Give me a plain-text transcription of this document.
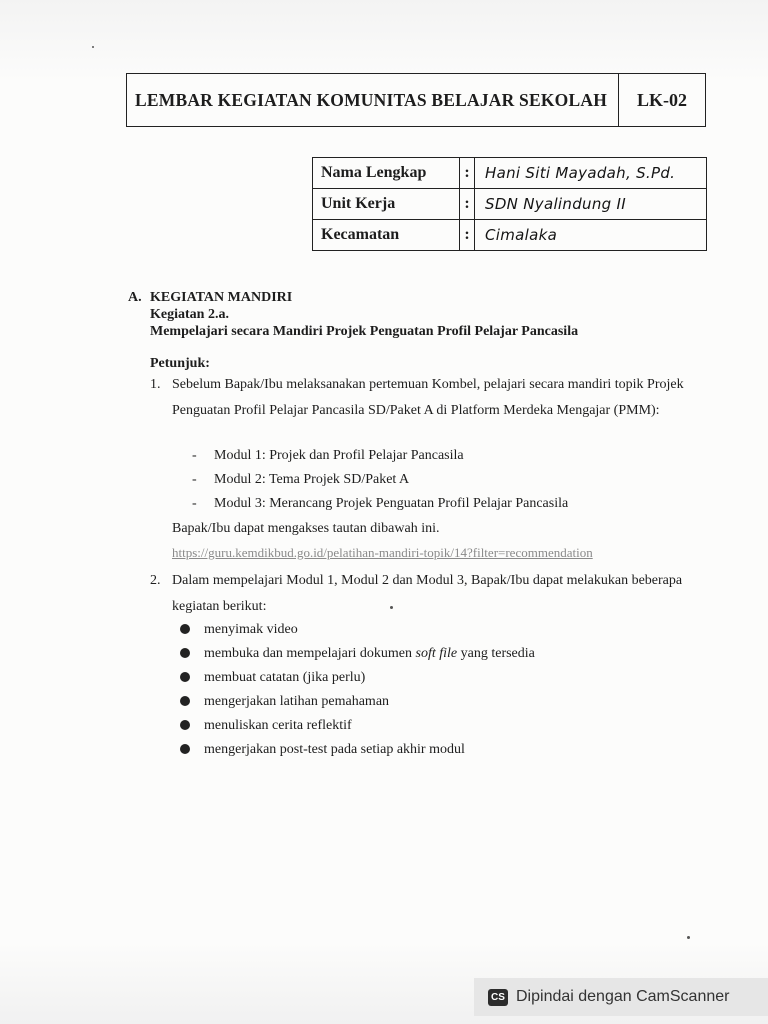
LEMBAR KEGIATAN KOMUNITAS BELAJAR SEKOLAH	LK-02
Nama Lengkap	:	Hani Siti Mayadah, S.Pd.
Unit Kerja	:	SDN Nyalindung II
Kecamatan	:	Cimalaka
A. KEGIATAN MANDIRI
Kegiatan 2.a.
Mempelajari secara Mandiri Projek Penguatan Profil Pelajar Pancasila
Petunjuk:
1. Sebelum Bapak/Ibu melaksanakan pertemuan Kombel, pelajari secara mandiri topik Projek Penguatan Profil Pelajar Pancasila SD/Paket A di Platform Merdeka Mengajar (PMM):
-	Modul 1: Projek dan Profil Pelajar Pancasila
-	Modul 2: Tema Projek SD/Paket A
-	Modul 3: Merancang Projek Penguatan Profil Pelajar Pancasila
Bapak/Ibu dapat mengakses tautan dibawah ini.
https://guru.kemdikbud.go.id/pelatihan-mandiri-topik/14?filter=recommendation
2. Dalam mempelajari Modul 1, Modul 2 dan Modul 3, Bapak/Ibu dapat melakukan beberapa kegiatan berikut:
menyimak video
membuka dan mempelajari dokumen soft file yang tersedia
membuat catatan (jika perlu)
mengerjakan latihan pemahaman
menuliskan cerita reflektif
mengerjakan post-test pada setiap akhir modul
CS Dipindai dengan CamScanner
